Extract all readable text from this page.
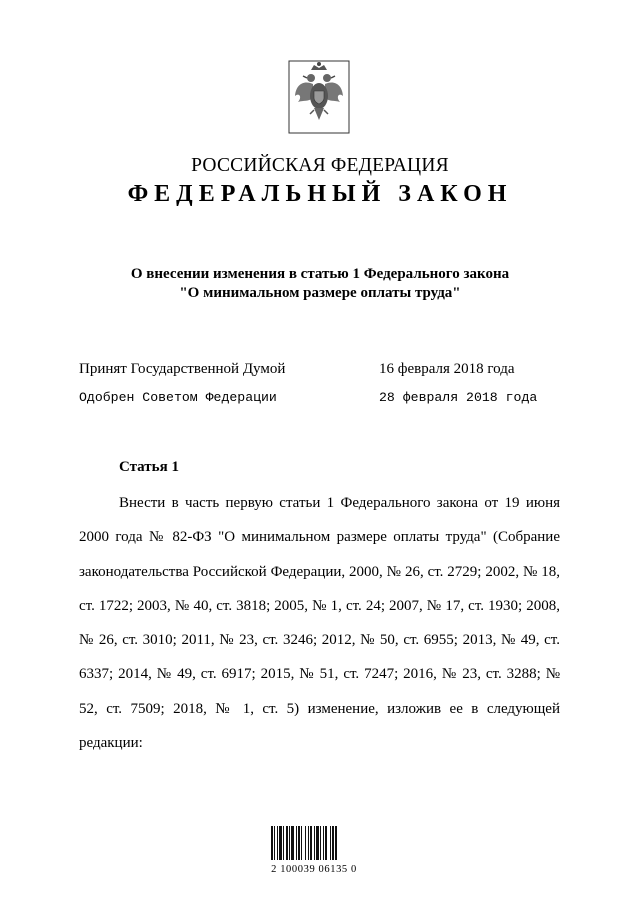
РОССИЙСКАЯ ФЕДЕРАЦИЯ
ФЕДЕРАЛЬНЫЙ ЗАКОН
О внесении изменения в статью 1 Федерального закона
"О минимальном размере оплаты труда"
Принят Государственной Думой	16 февраля 2018 года
Одобрен Советом Федерации	28 февраля 2018 года
Статья 1

Внести в часть первую статьи 1 Федерального закона от 19 июня 2000 года № 82-ФЗ "О минимальном размере оплаты труда" (Собрание законодательства Российской Федерации, 2000, № 26, ст. 2729; 2002, № 18, ст. 1722; 2003, № 40, ст. 3818; 2005, № 1, ст. 24; 2007, № 17, ст. 1930; 2008, № 26, ст. 3010; 2011, № 23, ст. 3246; 2012, № 50, ст. 6955; 2013, № 49, ст. 6337; 2014, № 49, ст. 6917; 2015, № 51, ст. 7247; 2016, № 23, ст. 3288; № 52, ст. 7509; 2018, № 1, ст. 5) изменение, изложив ее в следующей редакции:

2 100039 06135 0
